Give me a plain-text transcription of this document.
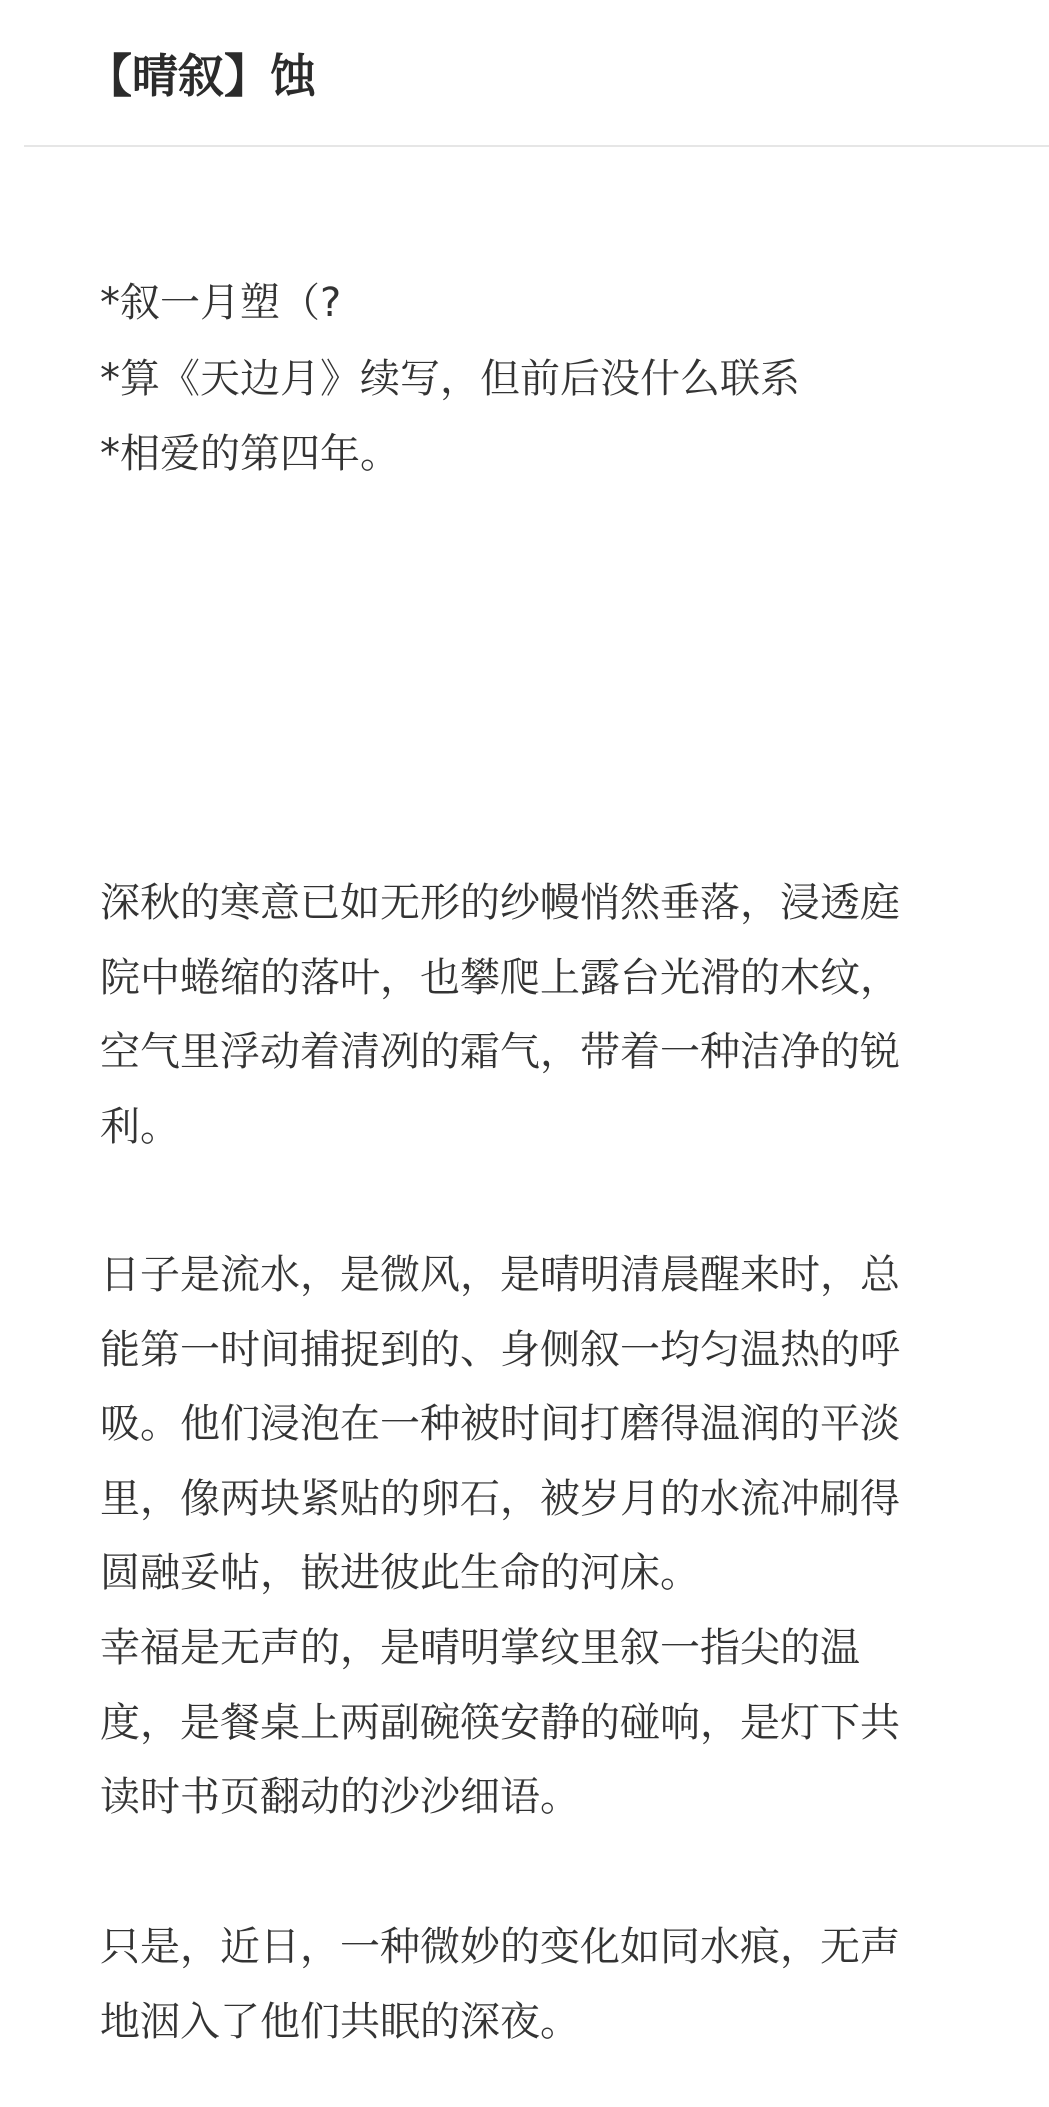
【晴叙】蚀

*叙一月塑（?

*算《天边月》续写，但前后没什么联系

*相爱的第四年。

深秋的寒意已如无形的纱幔悄然垂落，浸透庭
院中蜷缩的落叶，也攀爬上露台光滑的木纹，
空气里浮动着清冽的霜气，带着一种洁净的锐
利。
日子是流水，是微风，是晴明清晨醒来时，总
能第一时间捕捉到的、身侧叙一均匀温热的呼
吸。他们浸泡在一种被时间打磨得温润的平淡
里，像两块紧贴的卵石，被岁月的水流冲刷得
圆融妥帖，嵌进彼此生命的河床。
幸福是无声的，是晴明掌纹里叙一指尖的温
度，是餐桌上两副碗筷安静的碰响，是灯下共
读时书页翻动的沙沙细语。
只是，近日，一种微妙的变化如同水痕，无声
地洇入了他们共眠的深夜。
